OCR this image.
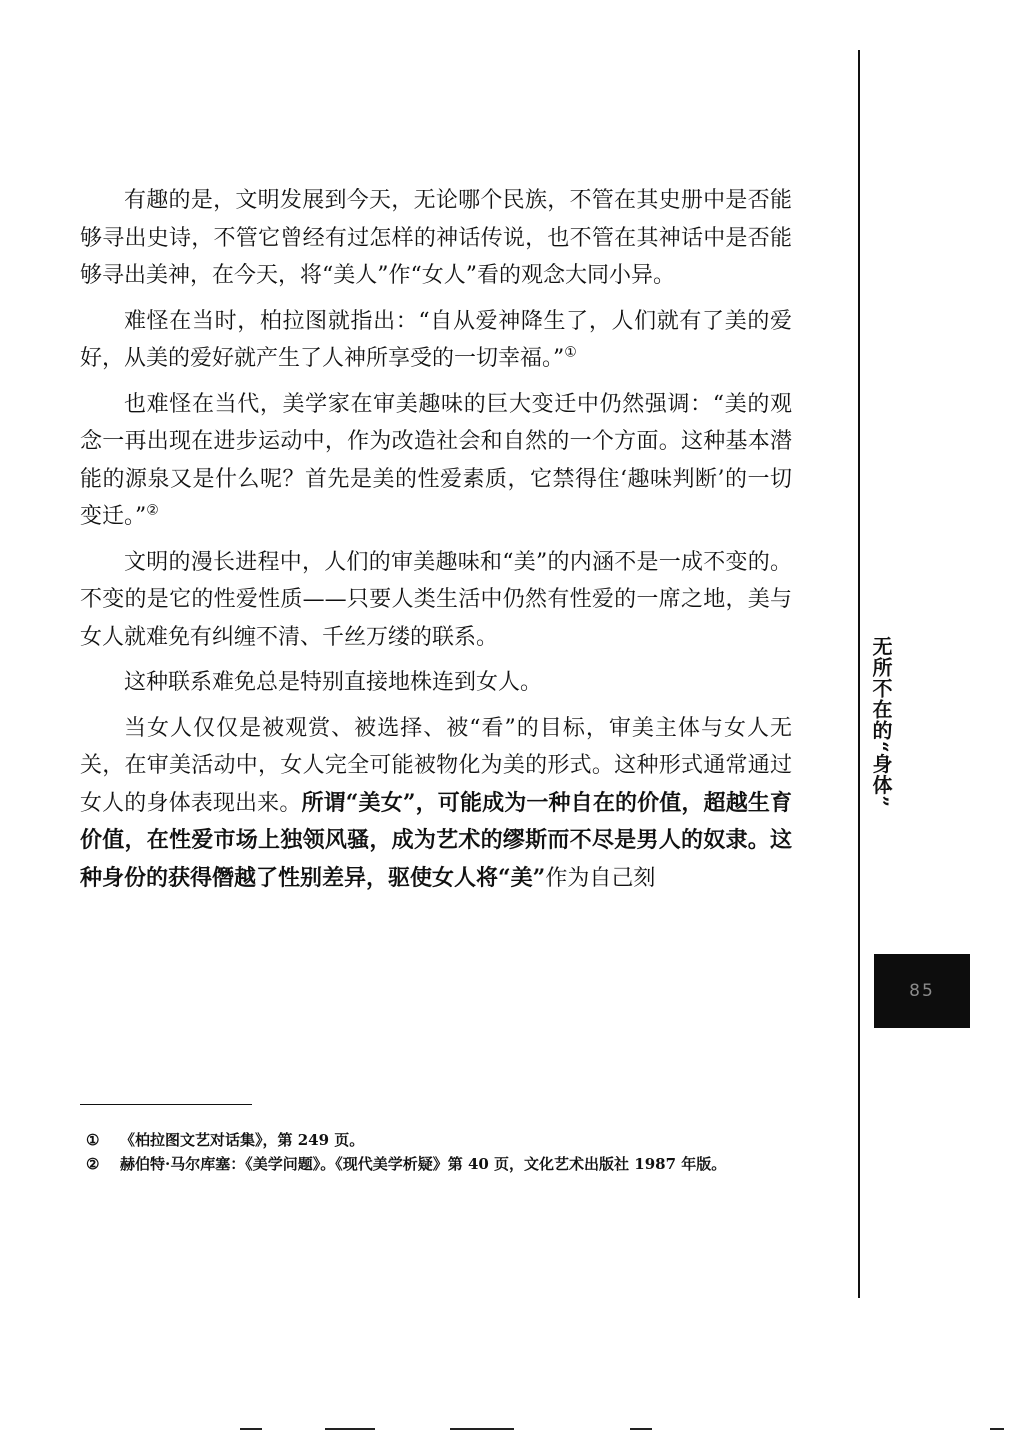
有趣的是，文明发展到今天，无论哪个民族，不管在其史册中是否能够寻出史诗，不管它曾经有过怎样的神话传说，也不管在其神话中是否能够寻出美神，在今天，将“美人”作“女人”看的观念大同小异。

难怪在当时，柏拉图就指出：“自从爱神降生了，人们就有了美的爱好，从美的爱好就产生了人神所享受的一切幸福。”①

也难怪在当代，美学家在审美趣味的巨大变迁中仍然强调：“美的观念一再出现在进步运动中，作为改造社会和自然的一个方面。这种基本潜能的源泉又是什么呢？首先是美的性爱素质，它禁得住‘趣味判断’的一切变迁。”②

文明的漫长进程中，人们的审美趣味和“美”的内涵不是一成不变的。不变的是它的性爱性质——只要人类生活中仍然有性爱的一席之地，美与女人就难免有纠缠不清、千丝万缕的联系。

这种联系难免总是特别直接地株连到女人。

当女人仅仅是被观赏、被选择、被“看”的目标，审美主体与女人无关，在审美活动中，女人完全可能被物化为美的形式。这种形式通常通过女人的身体表现出来。所谓“美女”，可能成为一种自在的价值，超越生育价值，在性爱市场上独领风骚，成为艺术的缪斯而不尽是男人的奴隶。这种身份的获得僭越了性别差异，驱使女人将“美”作为自己刻

①	《柏拉图文艺对话集》，第 249 页。

②	赫伯特·马尔库塞：《美学问题》。《现代美学析疑》第 40 页，文化艺术出版社 1987 年版。

无所不在的“身体”
85
